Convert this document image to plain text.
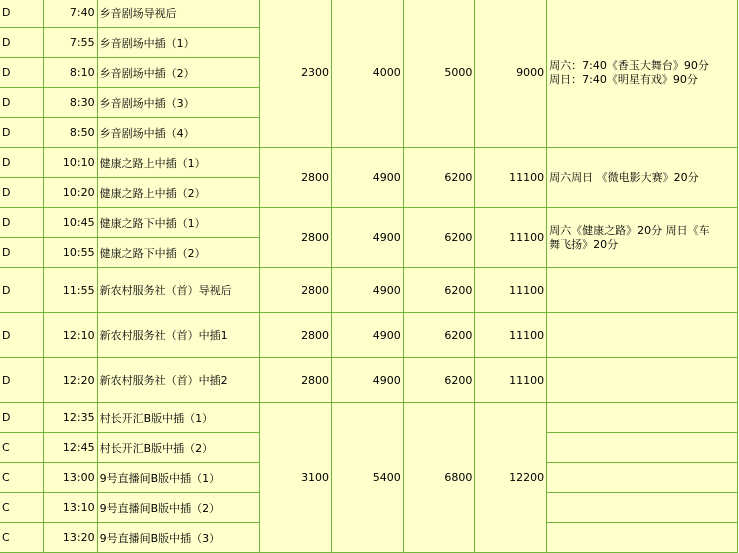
D	7:40	乡音剧场导视后	2300	4000	5000	9000	周六：7:40《香玉大舞台》90分
周日：7:40《明星有戏》90分

D	7:55	乡音剧场中插（1）					
D	8:10	乡音剧场中插（2）					
D	8:30	乡音剧场中插（3）					
D	8:50	乡音剧场中插（4）					
D	10:10	健康之路上中插（1）	2800	4900	6200	11100	周六周日 《微电影大赛》20分

D	10:20	健康之路上中插（2）					
D	10:45	健康之路下中插（1）	2800	4900	6200	11100	周六《健康之路》20分 周日《车
舞飞扬》20分

D	10:55	健康之路下中插（2）					
D	11:55	新农村服务社（首）导视后	2800	4900	6200	11100	
D	12:10	新农村服务社（首）中插1	2800	4900	6200	11100	
D	12:20	新农村服务社（首）中插2	2800	4900	6200	11100	
D	12:35	村长开汇B版中插（1）	3100	5400	6800	12200	
C	12:45	村长开汇B版中插（2）					
C	13:00	9号直播间B版中插（1）					
C	13:10	9号直播间B版中插（2）					
C	13:20	9号直播间B版中插（3）					
